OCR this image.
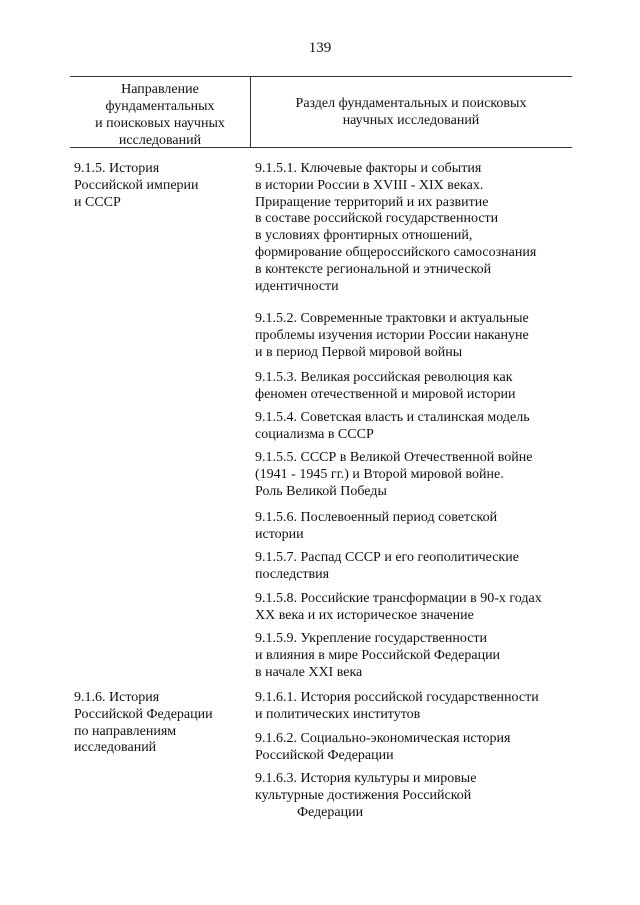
139
Направление
фундаментальных
и поисковых научных
исследований
Раздел фундаментальных и поисковых
научных исследований
9.1.5. История
Российской империи
и СССР
9.1.6. История
Российской Федерации
по направлениям
исследований
9.1.5.1. Ключевые факторы и события
в истории России в XVIII - XIX веках.
Приращение территорий и их развитие
в составе российской государственности
в условиях фронтирных отношений,
формирование общероссийского самосознания
в контексте региональной и этнической
идентичности
9.1.5.2. Современные трактовки и актуальные
проблемы изучения истории России накануне
и в период Первой мировой войны
9.1.5.3. Великая российская революция как
феномен отечественной и мировой истории
9.1.5.4. Советская власть и сталинская модель
социализма в СССР
9.1.5.5. СССР в Великой Отечественной войне
(1941 - 1945 гг.) и Второй мировой войне.
Роль Великой Победы
9.1.5.6. Послевоенный период советской
истории
9.1.5.7. Распад СССР и его геополитические
последствия
9.1.5.8. Российские трансформации в 90-х годах
XX века и их историческое значение
9.1.5.9. Укрепление государственности
и влияния в мире Российской Федерации
в начале XXI века
9.1.6.1. История российской государственности
и политических институтов
9.1.6.2. Социально-экономическая история
Российской Федерации
9.1.6.3. История культуры и мировые
культурные достижения Российской
Федерации
